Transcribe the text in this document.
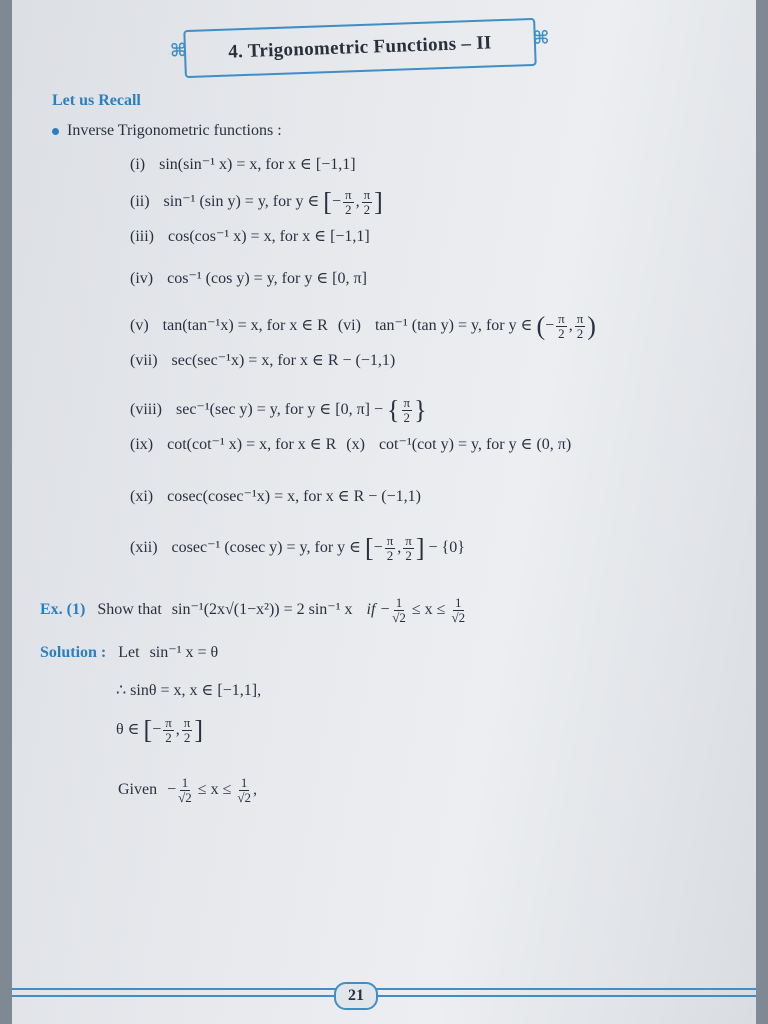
⌘ 4. Trigonometric Functions – II ⌘
Let us Recall
Inverse Trigonometric functions :
(i) sin(sin⁻¹ x) = x, for x ∈ [−1,1]
(ii) sin⁻¹ (sin y) = y, for y ∈ [− $\frac{\pi}{2}$ , $\frac{\pi}{2}$ ]
(iii) cos(cos⁻¹ x) = x, for x ∈ [−1,1]
(iv) cos⁻¹ (cos y) = y, for y ∈ [0, π]
(v) tan(tan⁻¹x) = x, for x ∈ R (vi) tan⁻¹ (tan y) = y, for y ∈ (− $\frac{\pi}{2}$ , $\frac{\pi}{2}$ )
(vii) sec(sec⁻¹x) = x, for x ∈ R − (−1,1)
(viii) sec⁻¹(sec y) = y, for y ∈ [0, π] − { $\frac{\pi}{2}$ }
(ix) cot(cot⁻¹ x) = x, for x ∈ R (x) cot⁻¹(cot y) = y, for y ∈ (0, π)
(xi) cosec(cosec⁻¹x) = x, for x ∈ R − (−1,1)
(xii) cosec⁻¹ (cosec y) = y, for y ∈ [− $\frac{\pi}{2}$ , $\frac{\pi}{2}$ ] − {0}
Ex. (1) Show that sin⁻¹(2x√(1−x²)) = 2 sin⁻¹ x if − $\frac{1}{√2} \le x \le \frac{1}{√2}$
Solution : Let sin⁻¹ x = θ
∴ sinθ = x, x ∈ [−1,1],
θ ∈ [− $\frac{\pi}{2}$ , $\frac{\pi}{2}$ ]
Given − $\frac{1}{√2} \le x \le \frac{1}{√2}$ ,
21
